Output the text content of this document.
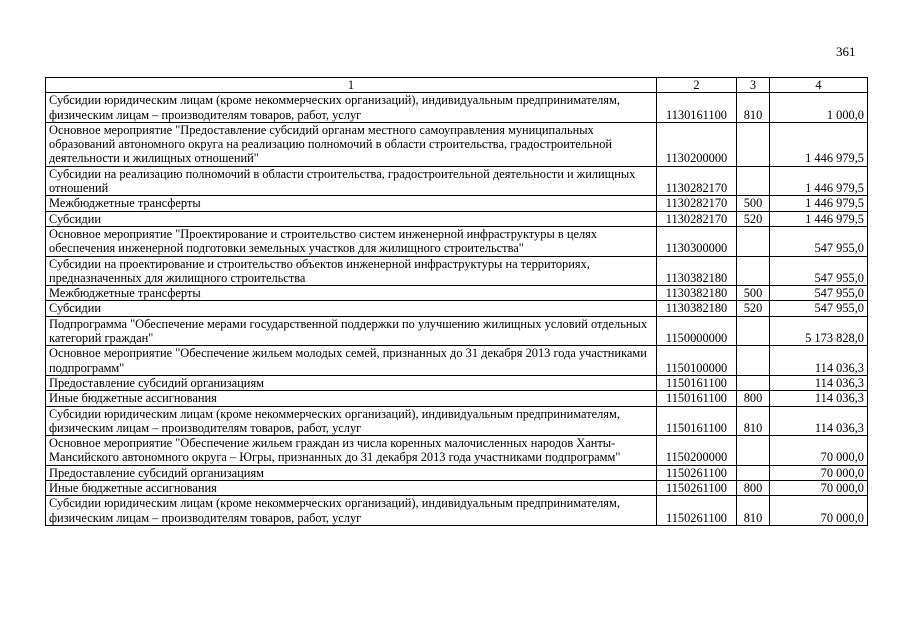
361
1	2	3	4
Субсидии юридическим лицам (кроме некоммерческих организаций), индивидуальным предпринимателям, физическим лицам – производителям товаров, работ, услуг	1130161100	810	1 000,0
Основное мероприятие "Предоставление субсидий органам местного самоуправления муниципальных образований автономного округа на реализацию полномочий в области строительства, градостроительной деятельности и жилищных отношений"	1130200000		1 446 979,5
Субсидии на реализацию полномочий в области строительства, градостроительной деятельности и жилищных отношений	1130282170		1 446 979,5
Межбюджетные трансферты	1130282170	500	1 446 979,5
Субсидии	1130282170	520	1 446 979,5
Основное мероприятие "Проектирование и строительство систем инженерной инфраструктуры в целях обеспечения инженерной подготовки земельных участков для жилищного строительства"	1130300000		547 955,0
Субсидии на проектирование и строительство объектов инженерной инфраструктуры на территориях, предназначенных для жилищного строительства	1130382180		547 955,0
Межбюджетные трансферты	1130382180	500	547 955,0
Субсидии	1130382180	520	547 955,0
Подпрограмма "Обеспечение мерами государственной поддержки по улучшению жилищных условий отдельных категорий граждан"	1150000000		5 173 828,0
Основное мероприятие "Обеспечение жильем молодых семей, признанных до 31 декабря 2013 года участниками подпрограмм"	1150100000		114 036,3
Предоставление субсидий организациям	1150161100		114 036,3
Иные бюджетные ассигнования	1150161100	800	114 036,3
Субсидии юридическим лицам (кроме некоммерческих организаций), индивидуальным предпринимателям, физическим лицам – производителям товаров, работ, услуг	1150161100	810	114 036,3
Основное мероприятие "Обеспечение жильем граждан из числа коренных малочисленных народов Ханты-Мансийского автономного округа – Югры, признанных до 31 декабря 2013 года участниками подпрограмм"	1150200000		70 000,0
Предоставление субсидий организациям	1150261100		70 000,0
Иные бюджетные ассигнования	1150261100	800	70 000,0
Субсидии юридическим лицам (кроме некоммерческих организаций), индивидуальным предпринимателям, физическим лицам – производителям товаров, работ, услуг	1150261100	810	70 000,0
